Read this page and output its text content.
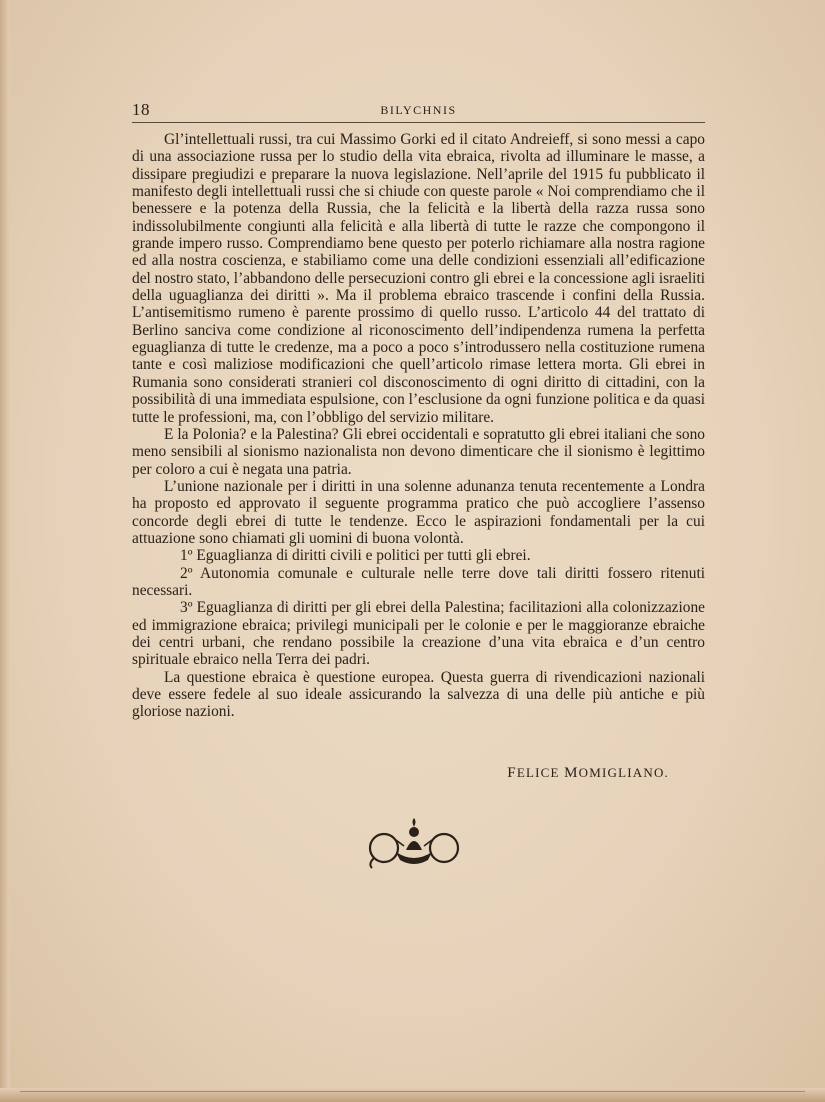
18	BILYCHNIS

Gl’intellettuali russi, tra cui Massimo Gorki ed il citato Andreieff, si sono messi a capo di una associazione russa per lo studio della vita ebraica, rivolta ad illuminare le masse, a dissipare pregiudizi e preparare la nuova legislazione. Nell’aprile del 1915 fu pubblicato il manifesto degli intellettuali russi che si chiude con queste parole « Noi comprendiamo che il benessere e la potenza della Russia, che la felicità e la libertà della razza russa sono indissolubilmente congiunti alla felicità e alla libertà di tutte le razze che compongono il grande impero russo. Comprendiamo bene questo per poterlo richiamare alla nostra ragione ed alla nostra coscienza, e stabiliamo come una delle condizioni essenziali all’edificazione del nostro stato, l’abbandono delle persecuzioni contro gli ebrei e la concessione agli israeliti della uguaglianza dei diritti ». Ma il problema ebraico trascende i confini della Russia. L’antisemitismo rumeno è parente prossimo di quello russo. L’articolo 44 del trattato di Berlino sanciva come condizione al riconoscimento dell’indipendenza rumena la perfetta eguaglianza di tutte le credenze, ma a poco a poco s’introdussero nella costituzione rumena tante e così maliziose modificazioni che quell’articolo rimase lettera morta. Gli ebrei in Rumania sono considerati stranieri col disconoscimento di ogni diritto di cittadini, con la possibilità di una immediata espulsione, con l’esclusione da ogni funzione politica e da quasi tutte le professioni, ma, con l’obbligo del servizio militare.

E la Polonia? e la Palestina? Gli ebrei occidentali e sopratutto gli ebrei italiani che sono meno sensibili al sionismo nazionalista non devono dimenticare che il sionismo è legittimo per coloro a cui è negata una patria.

L’unione nazionale per i diritti in una solenne adunanza tenuta recentemente a Londra ha proposto ed approvato il seguente programma pratico che può accogliere l’assenso concorde degli ebrei di tutte le tendenze. Ecco le aspirazioni fondamentali per la cui attuazione sono chiamati gli uomini di buona volontà.

1º Eguaglianza di diritti civili e politici per tutti gli ebrei.

2º Autonomia comunale e culturale nelle terre dove tali diritti fossero ritenuti necessari.

3º Eguaglianza di diritti per gli ebrei della Palestina; facilitazioni alla colonizzazione ed immigrazione ebraica; privilegi municipali per le colonie e per le maggioranze ebraiche dei centri urbani, che rendano possibile la creazione d’una vita ebraica e d’un centro spirituale ebraico nella Terra dei padri.

La questione ebraica è questione europea. Questa guerra di rivendicazioni nazionali deve essere fedele al suo ideale assicurando la salvezza di una delle più antiche e più gloriose nazioni.

FELICE MOMIGLIANO.
